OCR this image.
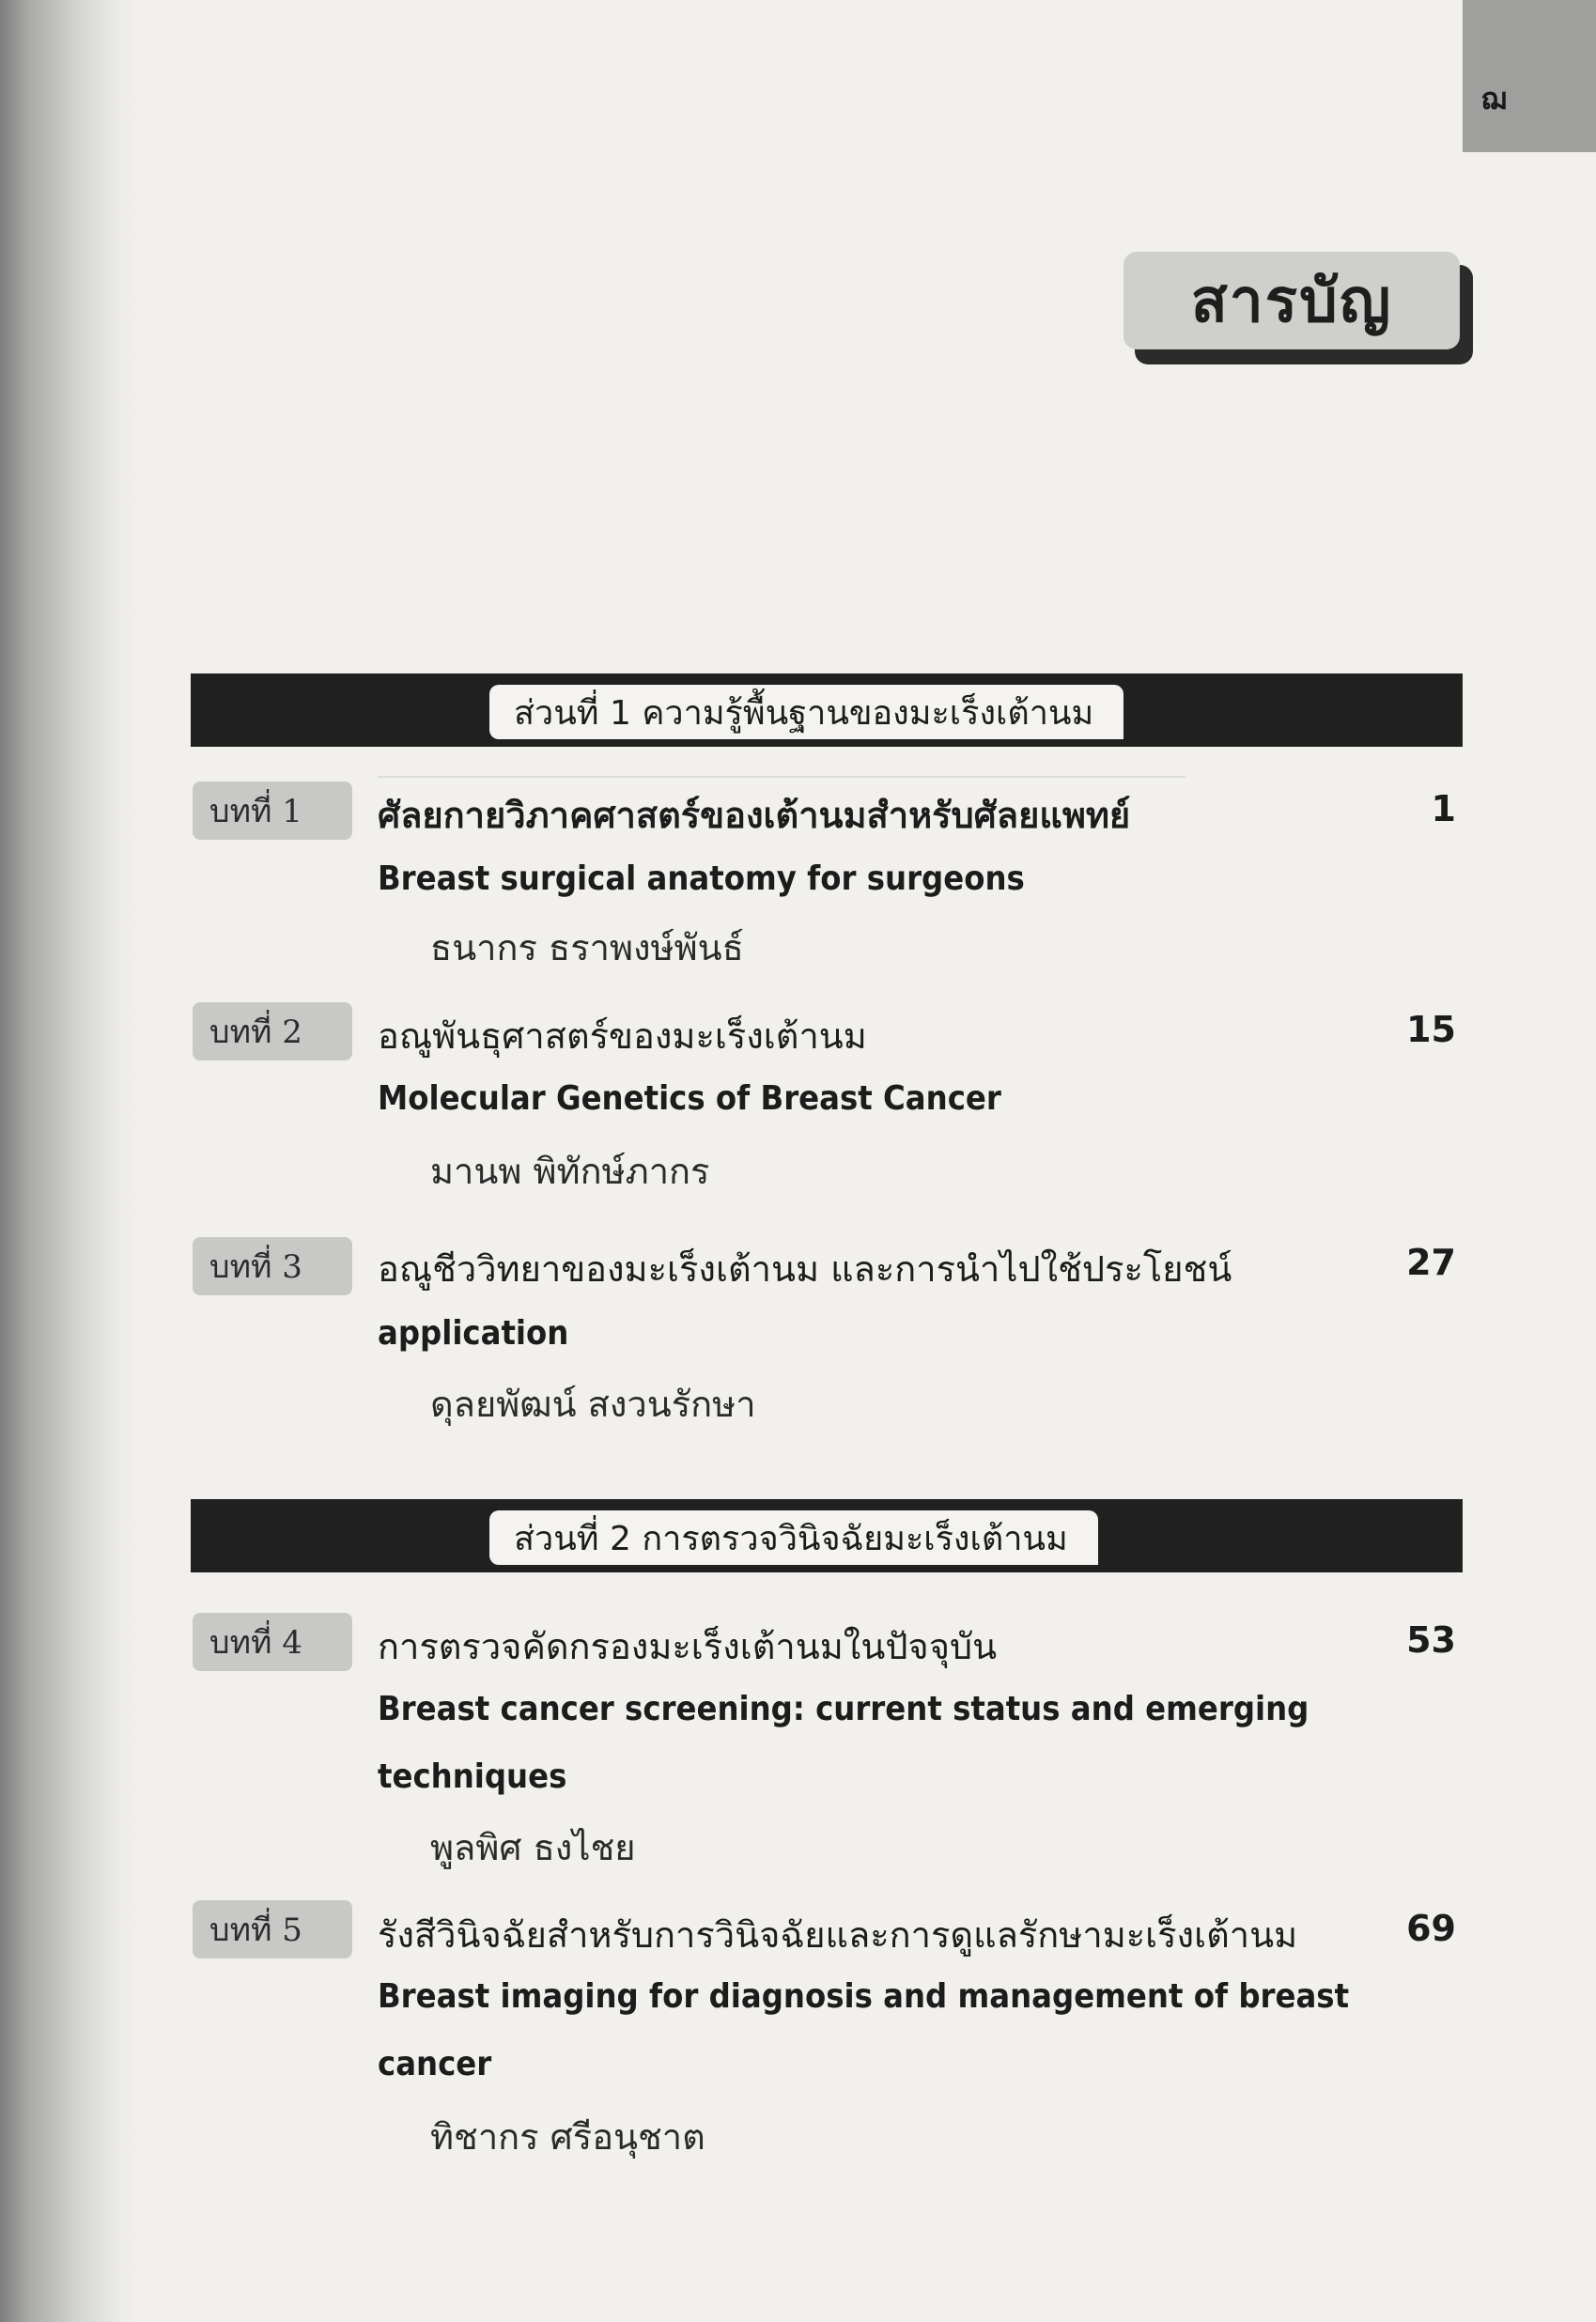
ฌ
สารบัญ
ส่วนที่ 1 ความรู้พื้นฐานของมะเร็งเต้านม
บทที่ 1	ศัลยกายวิภาคศาสตร์ของเต้านมสำหรับศัลยแพทย์	1
Breast surgical anatomy for surgeons
ธนากร ธราพงษ์พันธ์
บทที่ 2	อณูพันธุศาสตร์ของมะเร็งเต้านม	15
Molecular Genetics of Breast Cancer
มานพ พิทักษ์ภากร
บทที่ 3	อณูชีววิทยาของมะเร็งเต้านม และการนำไปใช้ประโยชน์	27
application
ดุลยพัฒน์ สงวนรักษา
ส่วนที่ 2 การตรวจวินิจฉัยมะเร็งเต้านม
บทที่ 4	การตรวจคัดกรองมะเร็งเต้านมในปัจจุบัน	53
Breast cancer screening: current status and emerging techniques
พูลพิศ ธงไชย
บทที่ 5	รังสีวินิจฉัยสำหรับการวินิจฉัยและการดูแลรักษามะเร็งเต้านม	69
Breast imaging for diagnosis and management of breast cancer
ทิชากร ศรีอนุชาต
